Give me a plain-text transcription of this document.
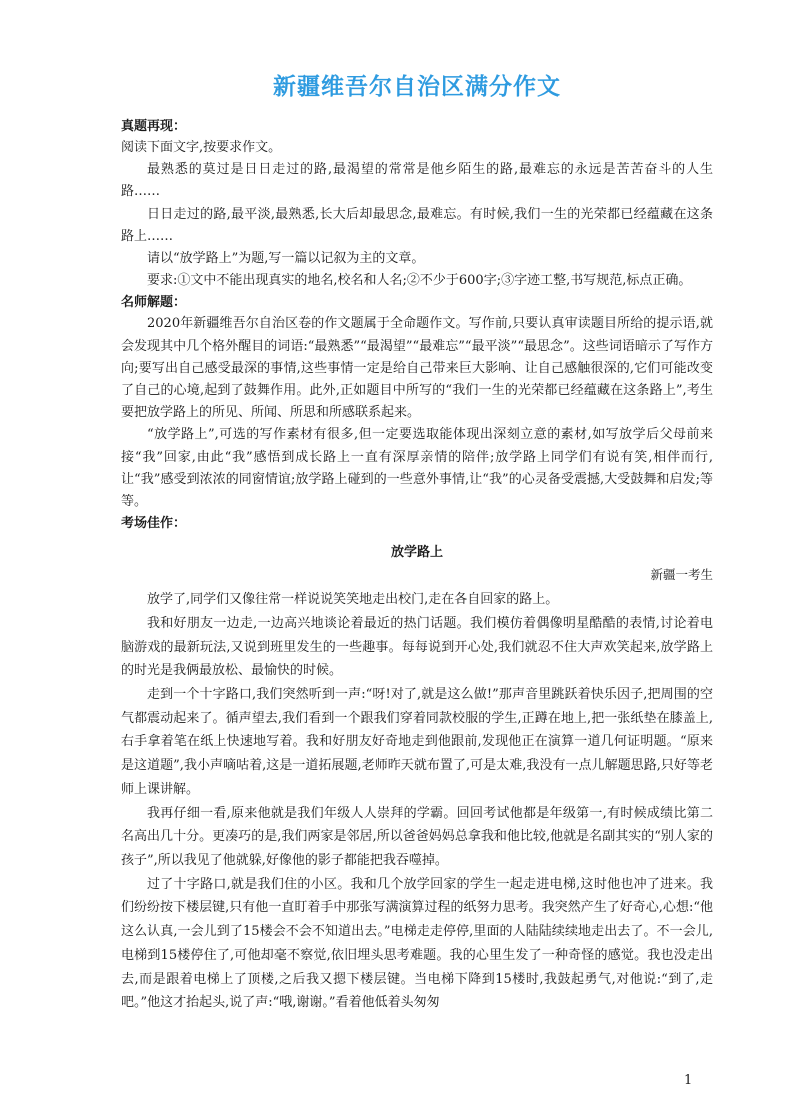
新疆维吾尔自治区满分作文
真题再现：

阅读下面文字,按要求作文。

最熟悉的莫过是日日走过的路,最渴望的常常是他乡陌生的路,最难忘的永远是苦苦奋斗的人生路……

日日走过的路,最平淡,最熟悉,长大后却最思念,最难忘。有时候,我们一生的光荣都已经蕴藏在这条路上……

请以“放学路上”为题,写一篇以记叙为主的文章。

要求:①文中不能出现真实的地名,校名和人名;②不少于600字;③字迹工整,书写规范,标点正确。

名师解题：

2020年新疆维吾尔自治区卷的作文题属于全命题作文。写作前,只要认真审读题目所给的提示语,就会发现其中几个格外醒目的词语:“最熟悉”“最渴望”“最难忘”“最平淡”“最思念”。这些词语暗示了写作方向;要写出自己感受最深的事情,这些事情一定是给自己带来巨大影响、让自己感触很深的,它们可能改变了自己的心境,起到了鼓舞作用。此外,正如题目中所写的“我们一生的光荣都已经蕴藏在这条路上”,考生要把放学路上的所见、所闻、所思和所感联系起来。

“放学路上”,可选的写作素材有很多,但一定要选取能体现出深刻立意的素材,如写放学后父母前来接“我”回家,由此“我”感悟到成长路上一直有深厚亲情的陪伴;放学路上同学们有说有笑,相伴而行,让“我”感受到浓浓的同窗情谊;放学路上碰到的一些意外事情,让“我”的心灵备受震撼,大受鼓舞和启发;等等。

考场佳作：
放学路上
新疆一考生

放学了,同学们又像往常一样说说笑笑地走出校门,走在各自回家的路上。

我和好朋友一边走,一边高兴地谈论着最近的热门话题。我们模仿着偶像明星酷酷的表情,讨论着电脑游戏的最新玩法,又说到班里发生的一些趣事。每每说到开心处,我们就忍不住大声欢笑起来,放学路上的时光是我俩最放松、最愉快的时候。

走到一个十字路口,我们突然听到一声:“呀!对了,就是这么做!”那声音里跳跃着快乐因子,把周围的空气都震动起来了。循声望去,我们看到一个跟我们穿着同款校服的学生,正蹲在地上,把一张纸垫在膝盖上,右手拿着笔在纸上快速地写着。我和好朋友好奇地走到他跟前,发现他正在演算一道几何证明题。“原来是这道题”,我小声嘀咕着,这是一道拓展题,老师昨天就布置了,可是太难,我没有一点儿解题思路,只好等老师上课讲解。

我再仔细一看,原来他就是我们年级人人崇拜的学霸。回回考试他都是年级第一,有时候成绩比第二名高出几十分。更凑巧的是,我们两家是邻居,所以爸爸妈妈总拿我和他比较,他就是名副其实的“别人家的孩子”,所以我见了他就躲,好像他的影子都能把我吞噬掉。

过了十字路口,就是我们住的小区。我和几个放学回家的学生一起走进电梯,这时他也冲了进来。我们纷纷按下楼层键,只有他一直盯着手中那张写满演算过程的纸努力思考。我突然产生了好奇心,心想:“他这么认真,一会儿到了15楼会不会不知道出去。”电梯走走停停,里面的人陆陆续续地走出去了。不一会儿,电梯到15楼停住了,可他却毫不察觉,依旧埋头思考难题。我的心里生发了一种奇怪的感觉。我也没走出去,而是跟着电梯上了顶楼,之后我又摁下楼层键。当电梯下降到15楼时,我鼓起勇气,对他说:“到了,走吧。”他这才抬起头,说了声:“哦,谢谢。”看着他低着头匆匆

1
